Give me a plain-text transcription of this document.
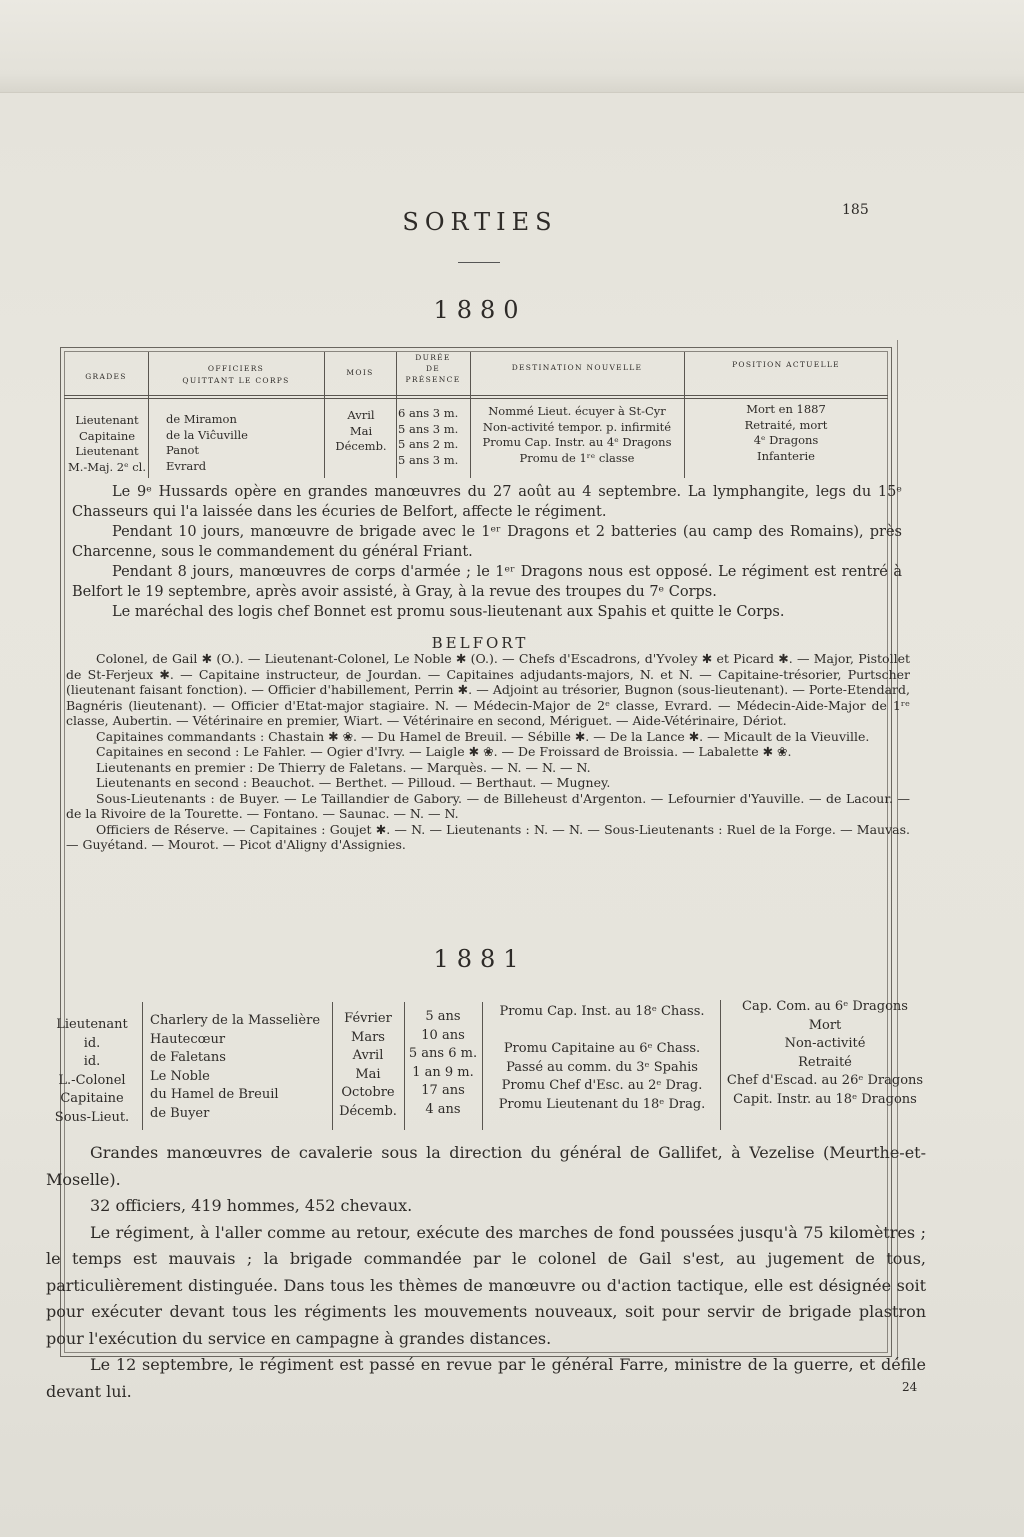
185
SORTIES
1880
GRADES
OFFICIERS
QUITTANT LE CORPS
MOIS
DURÉE
DE
PRÉSENCE
DESTINATION NOUVELLE	POSITION ACTUELLE
Lieutenant
Capitaine
Lieutenant
M.-Maj. 2ᵉ cl.
de Miramon
de la Viĉuville
Panot
Evrard
Avril
Mai
Décemb.
6 ans 3 m.
5 ans 3 m.
5 ans 2 m.
5 ans 3 m.
Nommé Lieut. écuyer à St-Cyr
Non-activité tempor. p. infirmité
Promu Cap. Instr. au 4ᵉ Dragons
Promu de 1ʳᵉ classe
Mort en 1887
Retraité, mort
4ᵉ Dragons
Infanterie

Le 9ᵉ Hussards opère en grandes manœuvres du 27 août au 4 septembre. La lymphangite, legs du 15ᵉ Chasseurs qui l'a laissée dans les écuries de Belfort, affecte le régiment.

Pendant 10 jours, manœuvre de brigade avec le 1ᵉʳ Dragons et 2 batteries (au camp des Romains), près Charcenne, sous le commandement du général Friant.

Pendant 8 jours, manœuvres de corps d'armée ; le 1ᵉʳ Dragons nous est opposé. Le régiment est rentré à Belfort le 19 septembre, après avoir assisté, à Gray, à la revue des troupes du 7ᵉ Corps.

Le maréchal des logis chef Bonnet est promu sous-lieutenant aux Spahis et quitte le Corps.

BELFORT

Colonel, de Gail ✱ (O.). — Lieutenant-Colonel, Le Noble ✱ (O.). — Chefs d'Escadrons, d'Yvoley ✱ et Picard ✱. — Major, Pistollet de St-Ferjeux ✱. — Capitaine instructeur, de Jourdan. — Capitaines adjudants-majors, N. et N. — Capitaine-trésorier, Purtscher (lieutenant faisant fonction). — Officier d'habillement, Perrin ✱. — Adjoint au trésorier, Bugnon (sous-lieutenant). — Porte-Etendard, Bagnéris (lieutenant). — Officier d'Etat-major stagiaire. N. — Médecin-Major de 2ᵉ classe, Evrard. — Médecin-Aide-Major de 1ʳᵉ classe, Aubertin. — Vétérinaire en premier, Wiart. — Vétérinaire en second, Mériguet. — Aide-Vétérinaire, Dériot.

Capitaines commandants : Chastain ✱ ❀. — Du Hamel de Breuil. — Sébille ✱. — De la Lance ✱. — Micault de la Vieuville.

Capitaines en second : Le Fahler. — Ogier d'Ivry. — Laigle ✱ ❀. — De Froissard de Broissia. — Labalette ✱ ❀.

Lieutenants en premier : De Thierry de Faletans. — Marquès. — N. — N. — N.

Lieutenants en second : Beauchot. — Berthet. — Pilloud. — Berthaut. — Mugney.

Sous-Lieutenants : de Buyer. — Le Taillandier de Gabory. — de Billeheust d'Argenton. — Lefournier d'Yauville. — de Lacour. — de la Rivoire de la Tourette. — Fontano. — Saunac. — N. — N.

Officiers de Réserve. — Capitaines : Goujet ✱. — N. — Lieutenants : N. — N. — Sous-Lieutenants : Ruel de la Forge. — Mauvas. — Guyétand. — Mourot. — Picot d'Aligny d'Assignies.

1881
Lieutenant
id.
id.
L.-Colonel
Capitaine
Sous-Lieut.
Charlery de la Masselière
Hautecœur
de Faletans
Le Noble
du Hamel de Breuil
de Buyer
Février
Mars
Avril
Mai
Octobre
Décemb.
5 ans
10 ans
5 ans 6 m.
1 an 9 m.
17 ans
4 ans
Promu Cap. Inst. au 18ᵉ Chass.

Promu Capitaine au 6ᵉ Chass.
Passé au comm. du 3ᵉ Spahis
Promu Chef d'Esc. au 2ᵉ Drag.
Promu Lieutenant du 18ᵉ Drag.
Cap. Com. au 6ᵉ Dragons
Mort
Non-activité
Retraité
Chef d'Escad. au 26ᵉ Dragons
Capit. Instr. au 18ᵉ Dragons

Grandes manœuvres de cavalerie sous la direction du général de Gallifet, à Vezelise (Meurthe-et-Moselle).

32 officiers, 419 hommes, 452 chevaux.

Le régiment, à l'aller comme au retour, exécute des marches de fond poussées jusqu'à 75 kilomètres ; le temps est mauvais ; la brigade commandée par le colonel de Gail s'est, au jugement de tous, particulièrement distinguée. Dans tous les thèmes de manœuvre ou d'action tactique, elle est désignée soit pour exécuter devant tous les régiments les mouvements nouveaux, soit pour servir de brigade plastron pour l'exécution du service en campagne à grandes distances.

Le 12 septembre, le régiment est passé en revue par le général Farre, ministre de la guerre, et défile devant lui.	24
